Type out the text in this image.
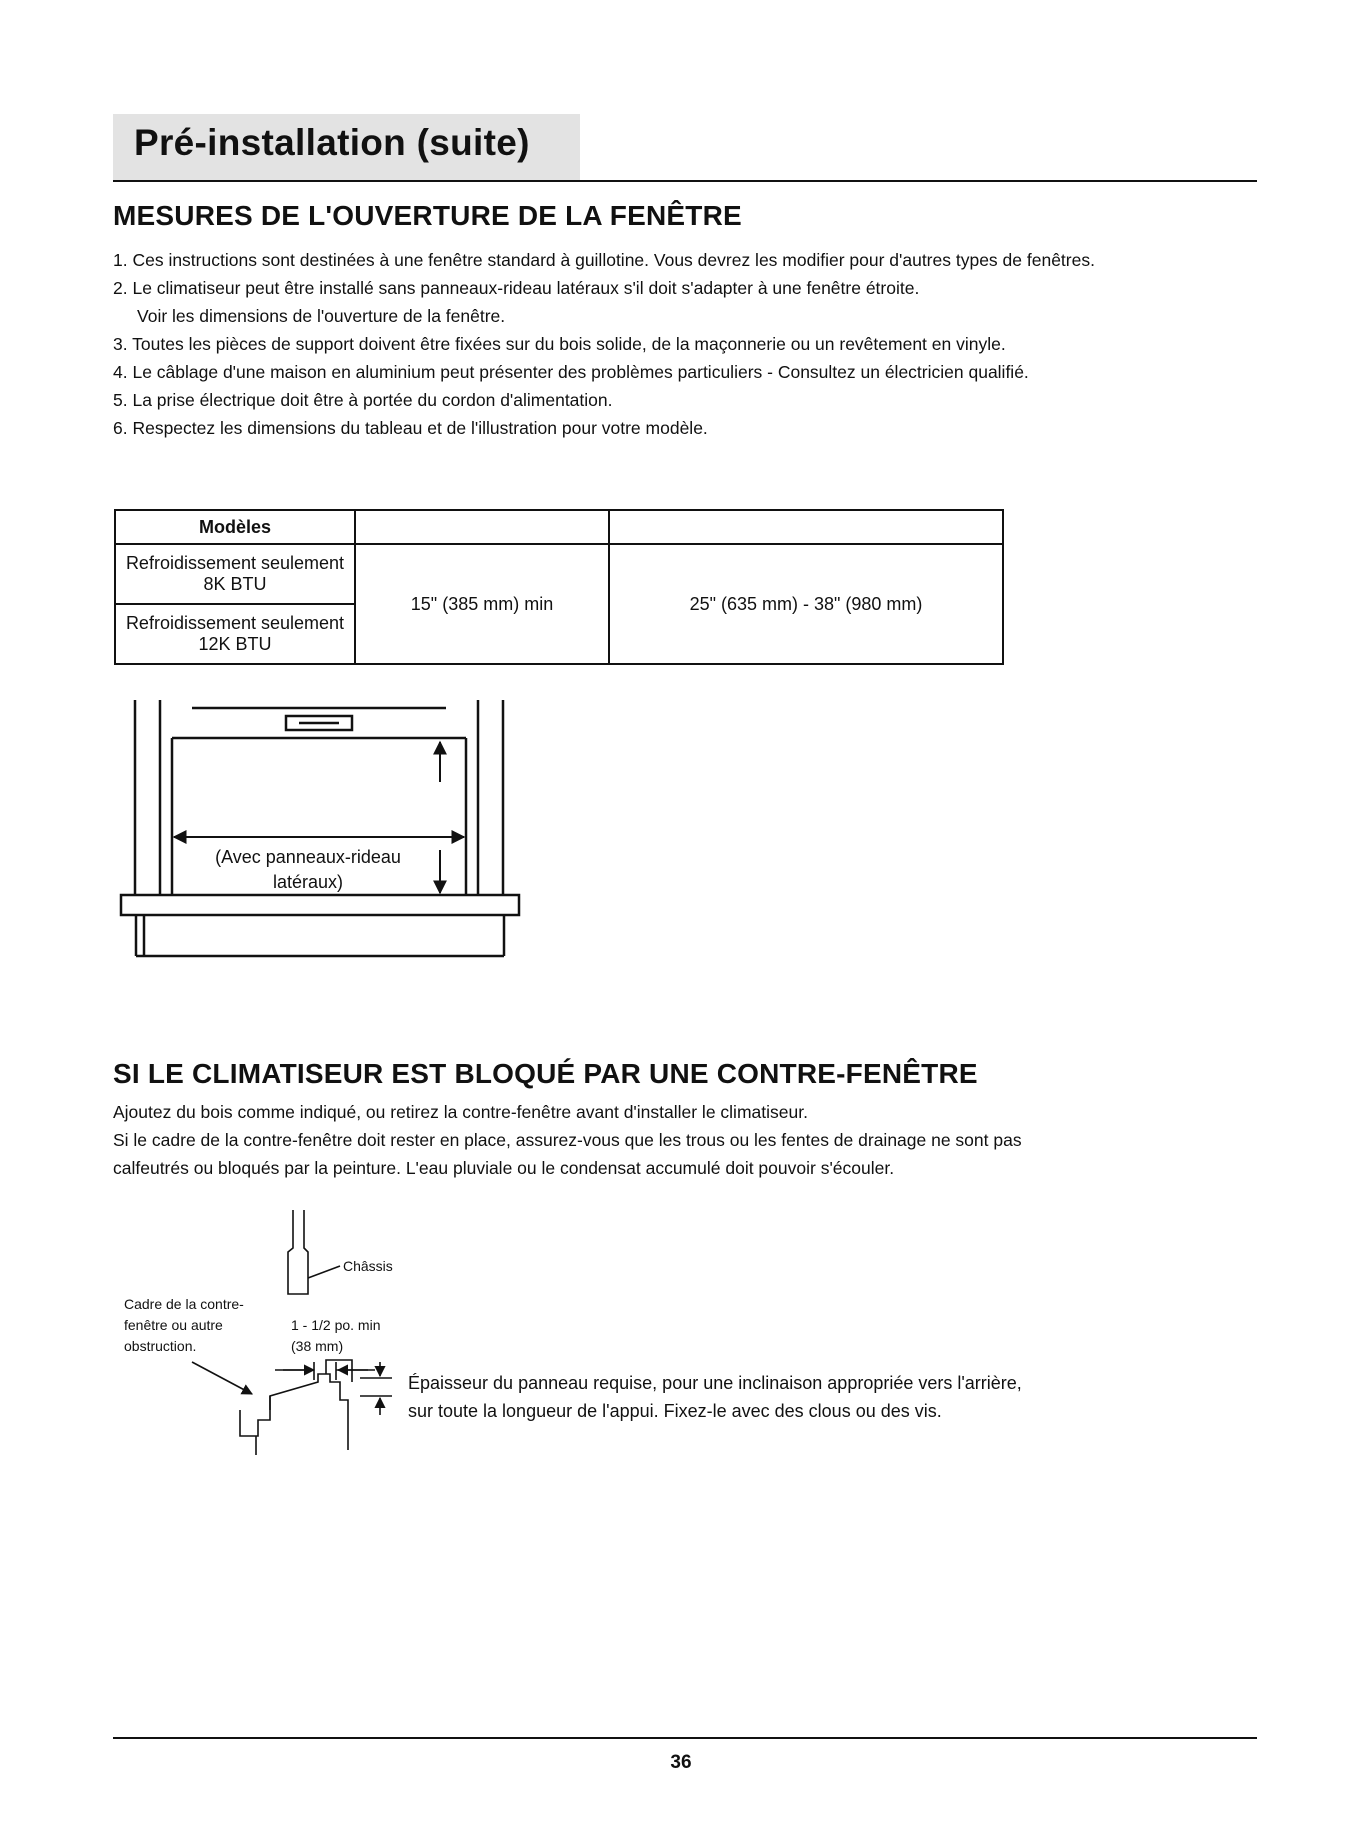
Pré-installation (suite)
MESURES DE L'OUVERTURE DE LA FENÊTRE
1. Ces instructions sont destinées à une fenêtre standard à guillotine. Vous devrez les modifier pour d'autres types de fenêtres.
2. Le climatiseur peut être installé sans panneaux-rideau latéraux s'il doit s'adapter à une fenêtre étroite.
Voir les dimensions de l'ouverture de la fenêtre.
3. Toutes les pièces de support doivent être fixées sur du bois solide, de la maçonnerie ou un revêtement en vinyle.
4. Le câblage d'une maison en aluminium peut présenter des problèmes particuliers - Consultez un électricien qualifié.
5. La prise électrique doit être à portée du cordon d'alimentation.
6. Respectez les dimensions du tableau et de l'illustration pour votre modèle.
Modèles		
Refroidissement seulement 8K BTU	15" (385 mm) min	25" (635 mm) - 38" (980 mm)
Refroidissement seulement 12K BTU		
(Avec panneaux-rideau
latéraux)
SI LE CLIMATISEUR EST BLOQUÉ PAR UNE CONTRE-FENÊTRE
Ajoutez du bois comme indiqué, ou retirez la contre-fenêtre avant d'installer le climatiseur.
Si le cadre de la contre-fenêtre doit rester en place, assurez-vous que les trous ou les fentes de drainage ne sont pas
calfeutrés ou bloqués par la peinture. L'eau pluviale ou le condensat accumulé doit pouvoir s'écouler.
Châssis
Cadre de la contre-
fenêtre ou autre
obstruction.
1 - 1/2 po. min
(38 mm)
Épaisseur du panneau requise, pour une inclinaison appropriée vers l'arrière,
sur toute la longueur de l'appui. Fixez-le avec des clous ou des vis.
36
